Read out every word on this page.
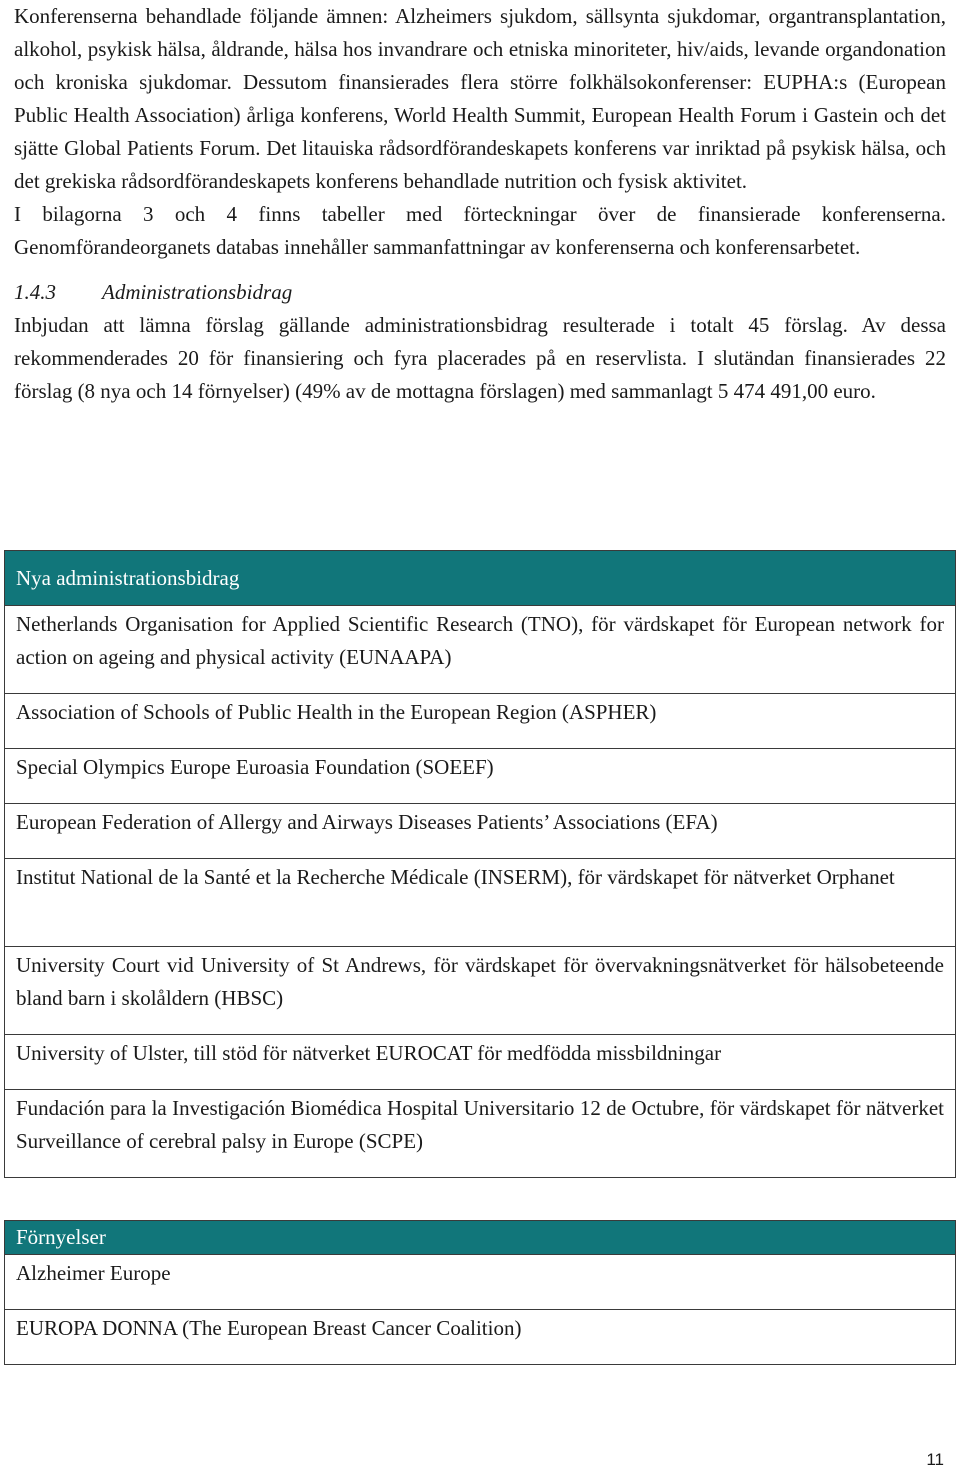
Konferenserna behandlade följande ämnen: Alzheimers sjukdom, sällsynta sjukdomar, organtransplantation, alkohol, psykisk hälsa, åldrande, hälsa hos invandrare och etniska minoriteter, hiv/aids, levande organdonation och kroniska sjukdomar. Dessutom finansierades flera större folkhälsokonferenser: EUPHA:s (European Public Health Association) årliga konferens, World Health Summit, European Health Forum i Gastein och det sjätte Global Patients Forum. Det litauiska rådsordförandeskapets konferens var inriktad på psykisk hälsa, och det grekiska rådsordförandeskapets konferens behandlade nutrition och fysisk aktivitet.

I bilagorna 3 och 4 finns tabeller med förteckningar över de finansierade konferenserna. Genomförandeorganets databas innehåller sammanfattningar av konferenserna och konferensarbetet.

1.4.3	Administrationsbidrag

Inbjudan att lämna förslag gällande administrationsbidrag resulterade i totalt 45 förslag. Av dessa rekommenderades 20 för finansiering och fyra placerades på en reservlista. I slutändan finansierades 22 förslag (8 nya och 14 förnyelser) (49% av de mottagna förslagen) med sammanlagt 5 474 491,00 euro.

Nya administrationsbidrag
Netherlands Organisation for Applied Scientific Research (TNO), för värdskapet för European network for action on ageing and physical activity (EUNAAPA)
Association of Schools of Public Health in the European Region (ASPHER)
Special Olympics Europe Euroasia Foundation (SOEEF)
European Federation of Allergy and Airways Diseases Patients’ Associations (EFA)
Institut National de la Santé et la Recherche Médicale (INSERM), för värdskapet för nätverket Orphanet
University Court vid University of St Andrews, för värdskapet för övervakningsnätverket för hälsobeteende bland barn i skolåldern (HBSC)
University of Ulster, till stöd för nätverket EUROCAT för medfödda missbildningar
Fundación para la Investigación Biomédica Hospital Universitario 12 de Octubre, för värdskapet för nätverket Surveillance of cerebral palsy in Europe (SCPE)
Förnyelser
Alzheimer Europe
EUROPA DONNA (The European Breast Cancer Coalition)
11
